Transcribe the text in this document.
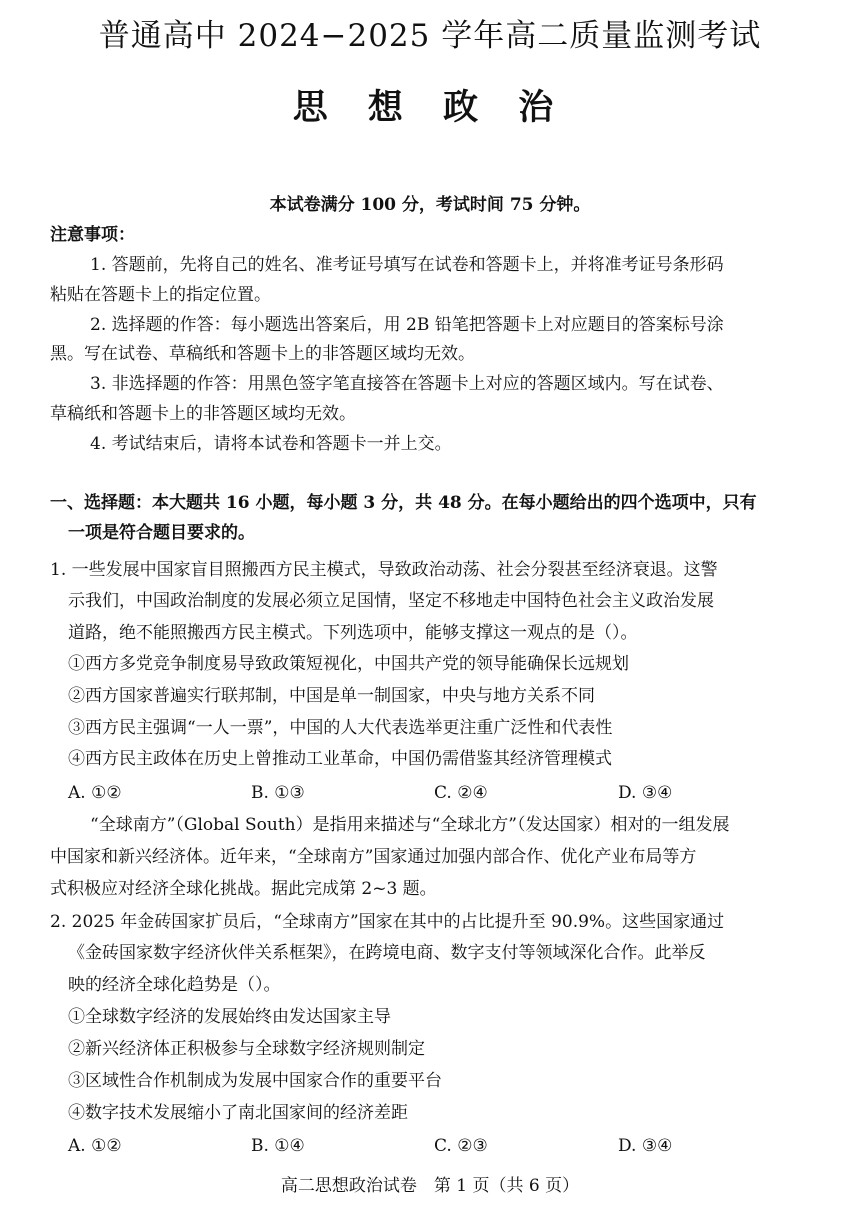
普通高中 2024−2025 学年高二质量监测考试
思 想 政 治
本试卷满分 100 分，考试时间 75 分钟。
注意事项：
1. 答题前，先将自己的姓名、准考证号填写在试卷和答题卡上，并将准考证号条形码
粘贴在答题卡上的指定位置。
2. 选择题的作答：每小题选出答案后，用 2B 铅笔把答题卡上对应题目的答案标号涂
黑。写在试卷、草稿纸和答题卡上的非答题区域均无效。
3. 非选择题的作答：用黑色签字笔直接答在答题卡上对应的答题区域内。写在试卷、
草稿纸和答题卡上的非答题区域均无效。
4. 考试结束后，请将本试卷和答题卡一并上交。
一、选择题：本大题共 16 小题，每小题 3 分，共 48 分。在每小题给出的四个选项中，只有
一项是符合题目要求的。
1. 一些发展中国家盲目照搬西方民主模式，导致政治动荡、社会分裂甚至经济衰退。这警
示我们，中国政治制度的发展必须立足国情，坚定不移地走中国特色社会主义政治发展
道路，绝不能照搬西方民主模式。下列选项中，能够支撑这一观点的是（）。
①西方多党竞争制度易导致政策短视化，中国共产党的领导能确保长远规划
②西方国家普遍实行联邦制，中国是单一制国家，中央与地方关系不同
③西方民主强调“一人一票”，中国的人大代表选举更注重广泛性和代表性
④西方民主政体在历史上曾推动工业革命，中国仍需借鉴其经济管理模式
A. ①②	B. ①③	C. ②④	D. ③④
“全球南方”（Global South）是指用来描述与“全球北方”（发达国家）相对的一组发展
中国家和新兴经济体。近年来，“全球南方”国家通过加强内部合作、优化产业布局等方
式积极应对经济全球化挑战。据此完成第 2~3 题。
2. 2025 年金砖国家扩员后，“全球南方”国家在其中的占比提升至 90.9%。这些国家通过
《金砖国家数字经济伙伴关系框架》，在跨境电商、数字支付等领域深化合作。此举反
映的经济全球化趋势是（）。
①全球数字经济的发展始终由发达国家主导
②新兴经济体正积极参与全球数字经济规则制定
③区域性合作机制成为发展中国家合作的重要平台
④数字技术发展缩小了南北国家间的经济差距
A. ①②	B. ①④	C. ②③	D. ③④
高二思想政治试卷　第 1 页（共 6 页）
